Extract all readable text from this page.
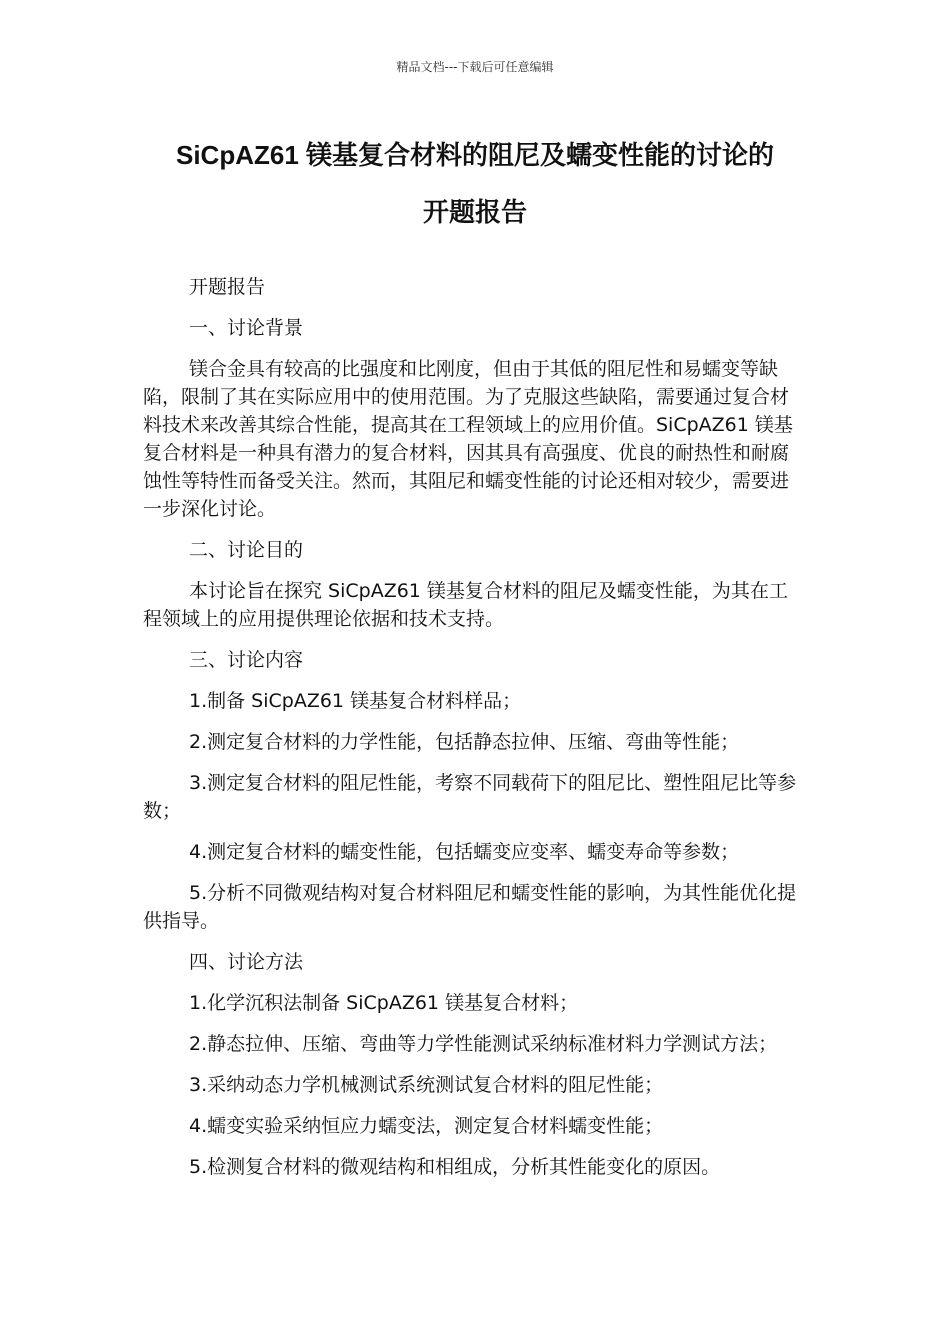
精品文档---下载后可任意编辑
SiCpAZ61 镁基复合材料的阻尼及蠕变性能的讨论的
开题报告

开题报告

一、讨论背景

镁合金具有较高的比强度和比刚度，但由于其低的阻尼性和易蠕变等缺陷，限制了其在实际应用中的使用范围。为了克服这些缺陷，需要通过复合材料技术来改善其综合性能，提高其在工程领域上的应用价值。SiCpAZ61 镁基复合材料是一种具有潜力的复合材料，因其具有高强度、优良的耐热性和耐腐蚀性等特性而备受关注。然而，其阻尼和蠕变性能的讨论还相对较少，需要进一步深化讨论。

二、讨论目的

本讨论旨在探究 SiCpAZ61 镁基复合材料的阻尼及蠕变性能，为其在工程领域上的应用提供理论依据和技术支持。

三、讨论内容

1.制备 SiCpAZ61 镁基复合材料样品；

2.测定复合材料的力学性能，包括静态拉伸、压缩、弯曲等性能；

3.测定复合材料的阻尼性能，考察不同载荷下的阻尼比、塑性阻尼比等参数；

4.测定复合材料的蠕变性能，包括蠕变应变率、蠕变寿命等参数；

5.分析不同微观结构对复合材料阻尼和蠕变性能的影响，为其性能优化提供指导。

四、讨论方法

1.化学沉积法制备 SiCpAZ61 镁基复合材料；

2.静态拉伸、压缩、弯曲等力学性能测试采纳标准材料力学测试方法；

3.采纳动态力学机械测试系统测试复合材料的阻尼性能；

4.蠕变实验采纳恒应力蠕变法，测定复合材料蠕变性能；

5.检测复合材料的微观结构和相组成，分析其性能变化的原因。
